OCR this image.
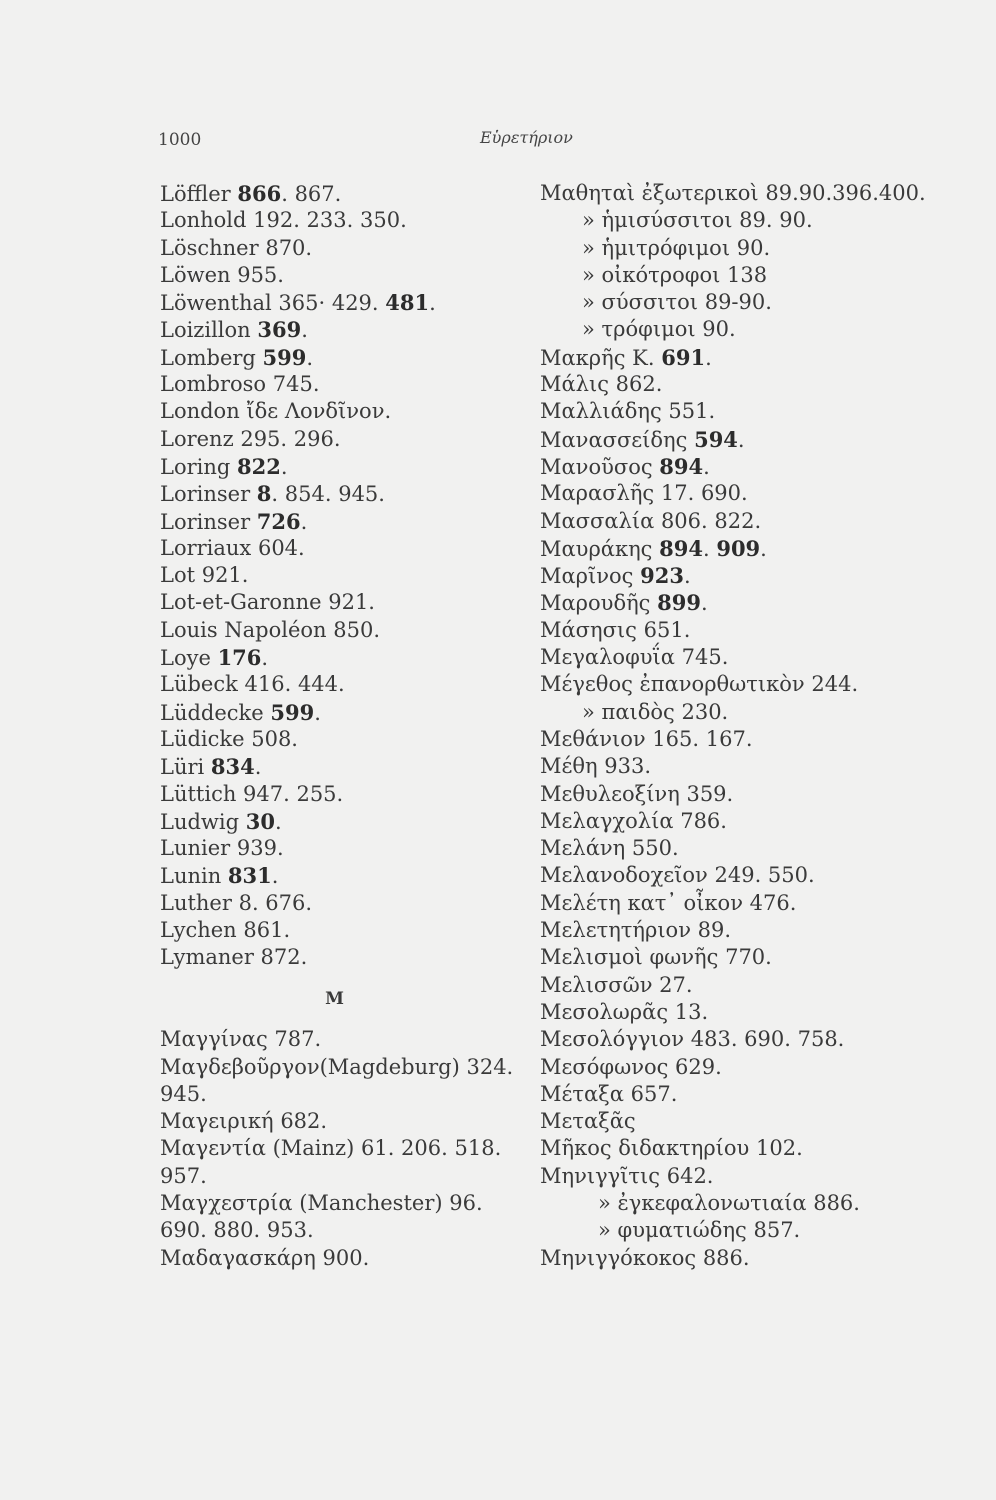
1000	Εὑρετήριον
Löffler 866. 867.
Lonhold 192. 233. 350.
Löschner 870.
Löwen 955.
Löwenthal 365· 429. 481.
Loizillon 369.
Lomberg 599.
Lombroso 745.
London ἴδε Λονδῖνον.
Lorenz 295. 296.
Loring 822.
Lorinser 8. 854. 945.
Lorinser 726.
Lorriaux 604.
Lot 921.
Lot-et-Garonne 921.
Louis Napoléon 850.
Loye 176.
Lübeck 416. 444.
Lüddecke 599.
Lüdicke 508.
Lüri 834.
Lüttich 947. 255.
Ludwig 30.
Lunier 939.
Lunin 831.
Luther 8. 676.
Lychen 861.
Lymaner 872.
M
Μαγγίνας 787.
Μαγδεβοῦργον(Magdeburg) 324.
945.
Μαγειρική 682.
Μαγεντία (Mainz) 61. 206. 518.
957.
Μαγχεστρία (Manchester) 96.
690. 880. 953.
Μαδαγασκάρη 900.
Μαθηταὶ ἐξωτερικοὶ 89.90.396.400.
» ἡμισύσσιτοι 89. 90.
» ἡμιτρόφιμοι 90.
» οἰκότροφοι 138
» σύσσιτοι 89-90.
» τρόφιμοι 90.
Μακρῆς Κ. 691.
Μάλις 862.
Μαλλιάδης 551.
Μανασσείδης 594.
Μανοῦσος 894.
Μαρασλῆς 17. 690.
Μασσαλία 806. 822.
Μαυράκης 894. 909.
Μαρῖνος 923.
Μαρουδῆς 899.
Μάσησις 651.
Μεγαλοφυΐα 745.
Μέγεθος ἐπανορθωτικὸν 244.
» παιδὸς 230.
Μεθάνιον 165. 167.
Μέθη 933.
Μεθυλεοξίνη 359.
Μελαγχολία 786.
Μελάνη 550.
Μελανοδοχεῖον 249. 550.
Μελέτη κατ᾽ οἶκον 476.
Μελετητήριον 89.
Μελισμοὶ φωνῆς 770.
Μελισσῶν 27.
Μεσολωρᾶς 13.
Μεσολόγγιον 483. 690. 758.
Μεσόφωνος 629.
Μέταξα 657.
Μεταξᾶς
Μῆκος διδακτηρίου 102.
Μηνιγγῖτις 642.
» ἐγκεφαλονωτιαία 886.
» φυματιώδης 857.
Μηνιγγόκοκος 886.
